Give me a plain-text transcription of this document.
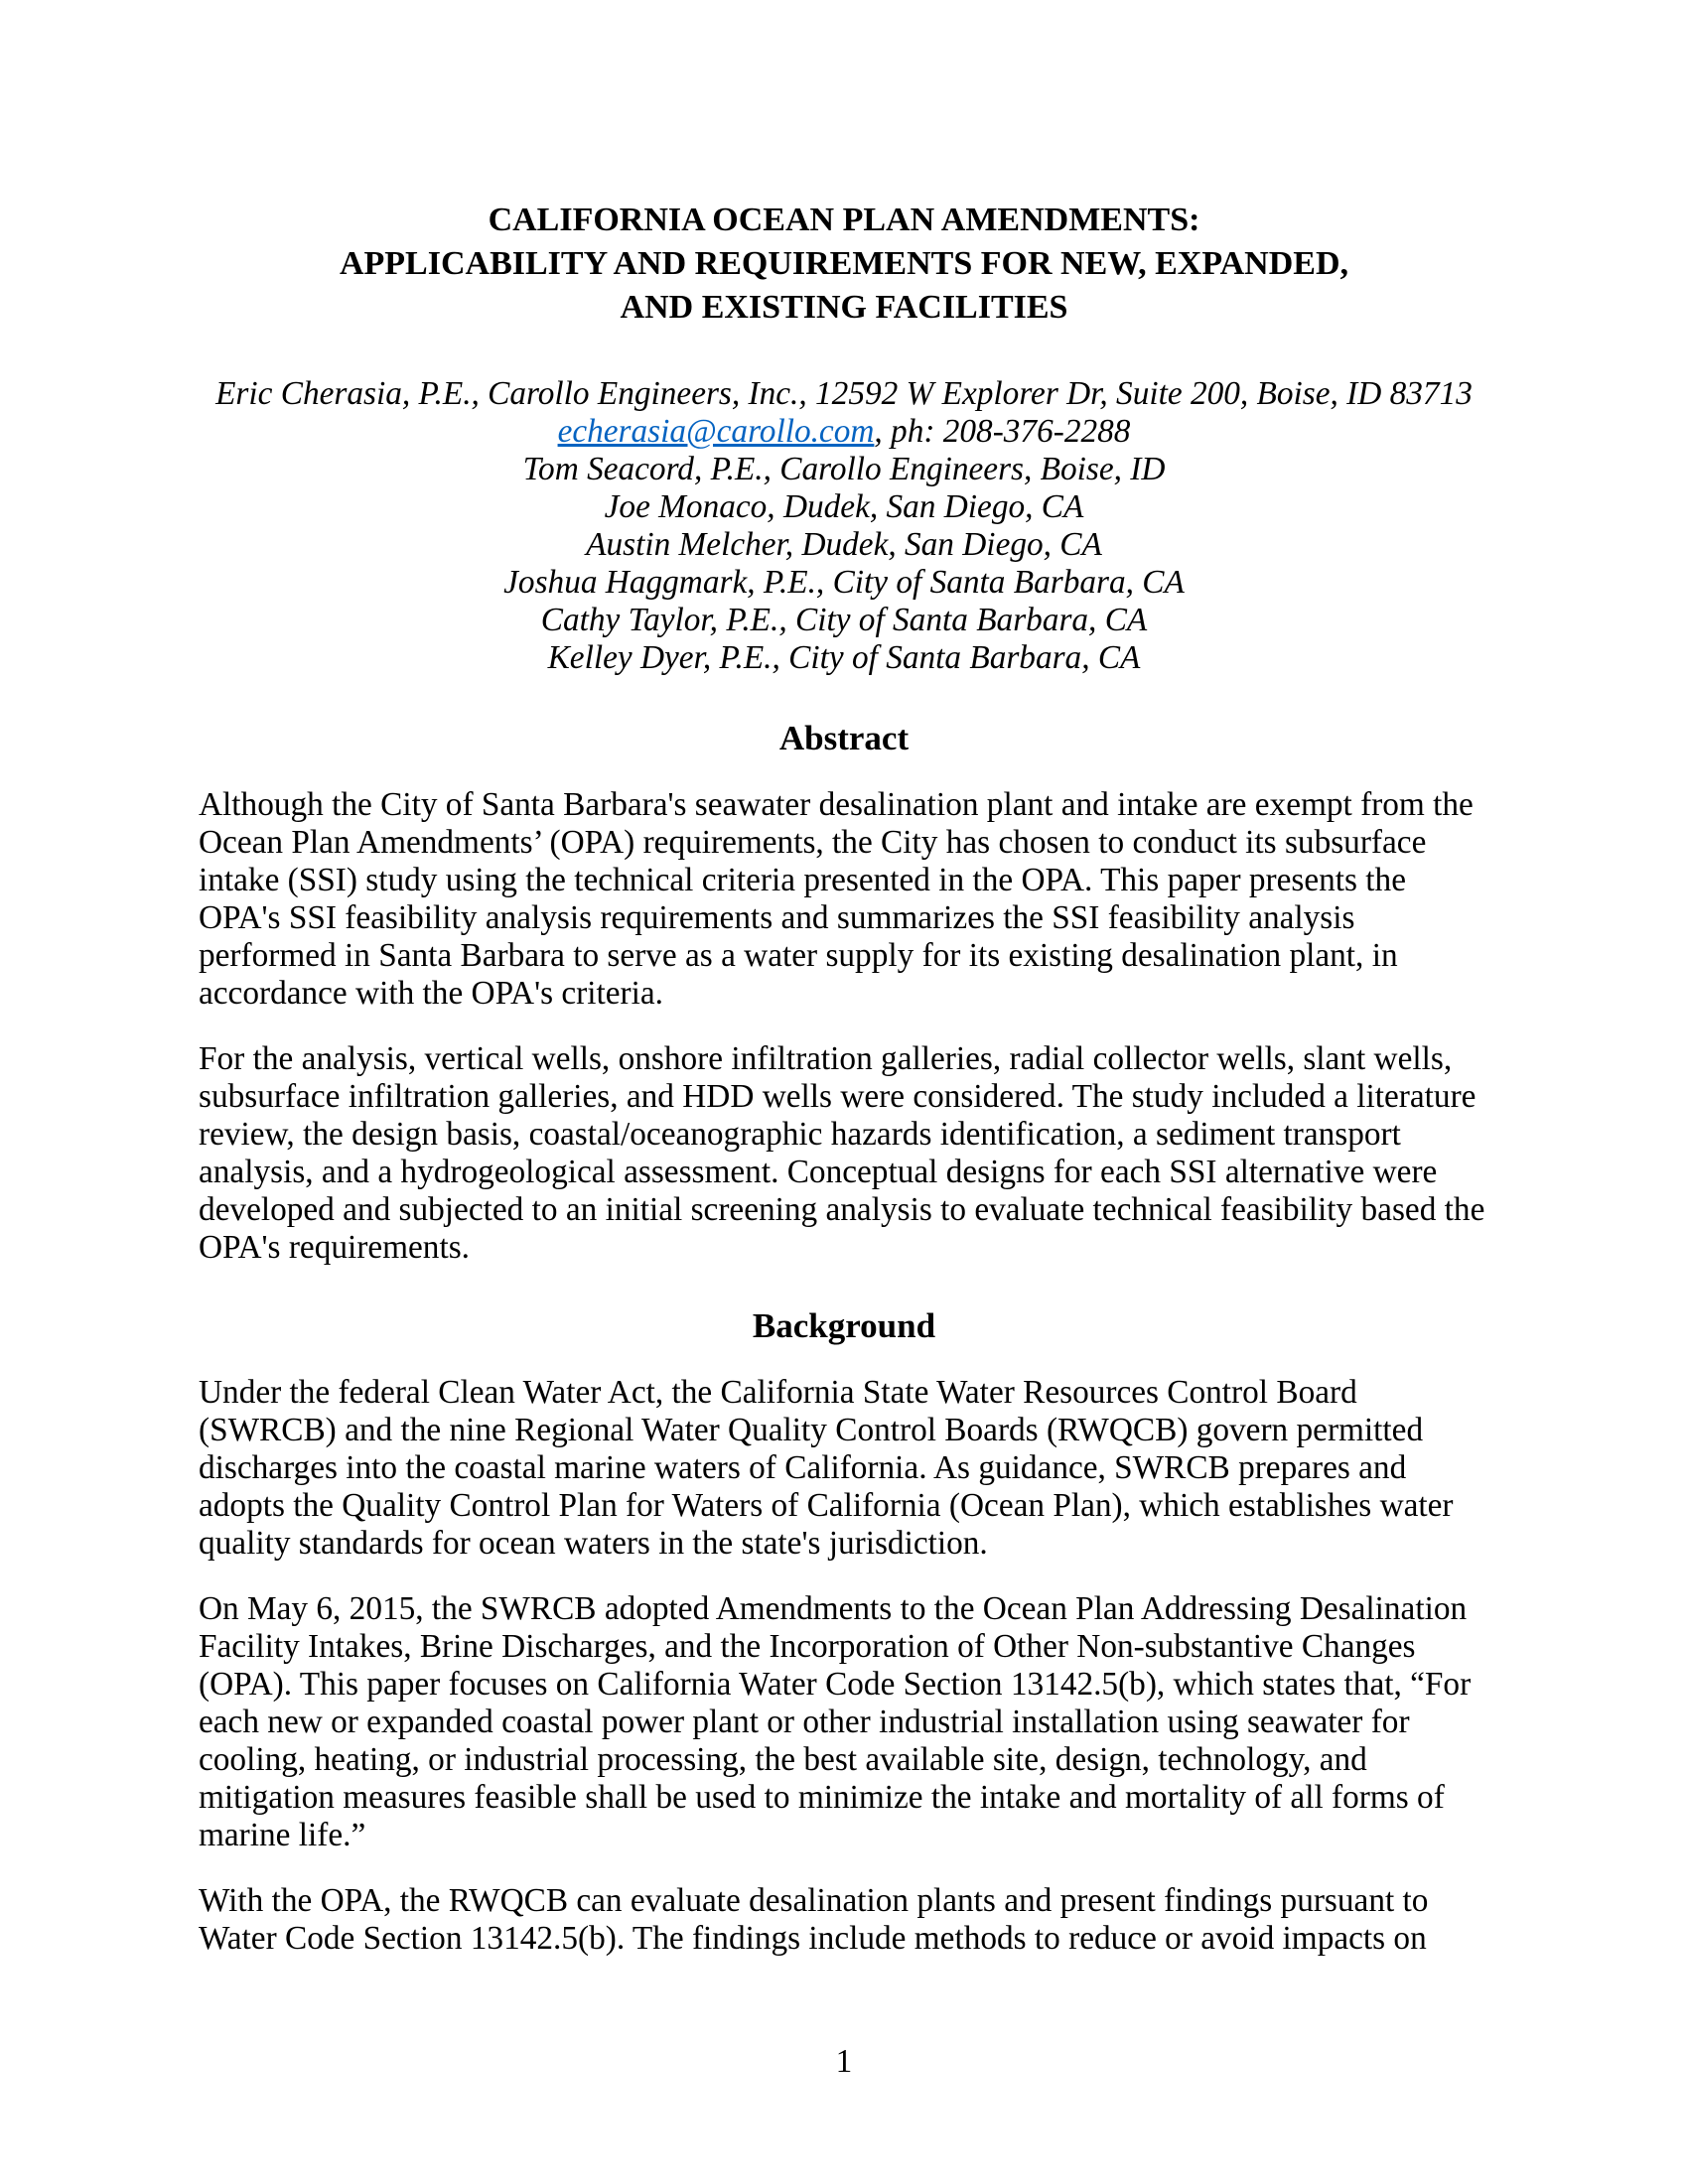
CALIFORNIA OCEAN PLAN AMENDMENTS:
APPLICABILITY AND REQUIREMENTS FOR NEW, EXPANDED,
AND EXISTING FACILITIES
Eric Cherasia, P.E., Carollo Engineers, Inc., 12592 W Explorer Dr, Suite 200, Boise, ID 83713
echerasia@carollo.com, ph: 208-376-2288
Tom Seacord, P.E., Carollo Engineers, Boise, ID
Joe Monaco, Dudek, San Diego, CA
Austin Melcher, Dudek, San Diego, CA
Joshua Haggmark, P.E., City of Santa Barbara, CA
Cathy Taylor, P.E., City of Santa Barbara, CA
Kelley Dyer, P.E., City of Santa Barbara, CA
Abstract

Although the City of Santa Barbara's seawater desalination plant and intake are exempt from the Ocean Plan Amendments’ (OPA) requirements, the City has chosen to conduct its subsurface intake (SSI) study using the technical criteria presented in the OPA. This paper presents the OPA's SSI feasibility analysis requirements and summarizes the SSI feasibility analysis performed in Santa Barbara to serve as a water supply for its existing desalination plant, in accordance with the OPA's criteria.

For the analysis, vertical wells, onshore infiltration galleries, radial collector wells, slant wells, subsurface infiltration galleries, and HDD wells were considered. The study included a literature review, the design basis, coastal/oceanographic hazards identification, a sediment transport analysis, and a hydrogeological assessment. Conceptual designs for each SSI alternative were developed and subjected to an initial screening analysis to evaluate technical feasibility based the OPA's requirements.

Background

Under the federal Clean Water Act, the California State Water Resources Control Board (SWRCB) and the nine Regional Water Quality Control Boards (RWQCB) govern permitted discharges into the coastal marine waters of California. As guidance, SWRCB prepares and adopts the Quality Control Plan for Waters of California (Ocean Plan), which establishes water quality standards for ocean waters in the state's jurisdiction.

On May 6, 2015, the SWRCB adopted Amendments to the Ocean Plan Addressing Desalination Facility Intakes, Brine Discharges, and the Incorporation of Other Non-substantive Changes (OPA). This paper focuses on California Water Code Section 13142.5(b), which states that, “For each new or expanded coastal power plant or other industrial installation using seawater for cooling, heating, or industrial processing, the best available site, design, technology, and mitigation measures feasible shall be used to minimize the intake and mortality of all forms of marine life.”

With the OPA, the RWQCB can evaluate desalination plants and present findings pursuant to Water Code Section 13142.5(b). The findings include methods to reduce or avoid impacts on

1
